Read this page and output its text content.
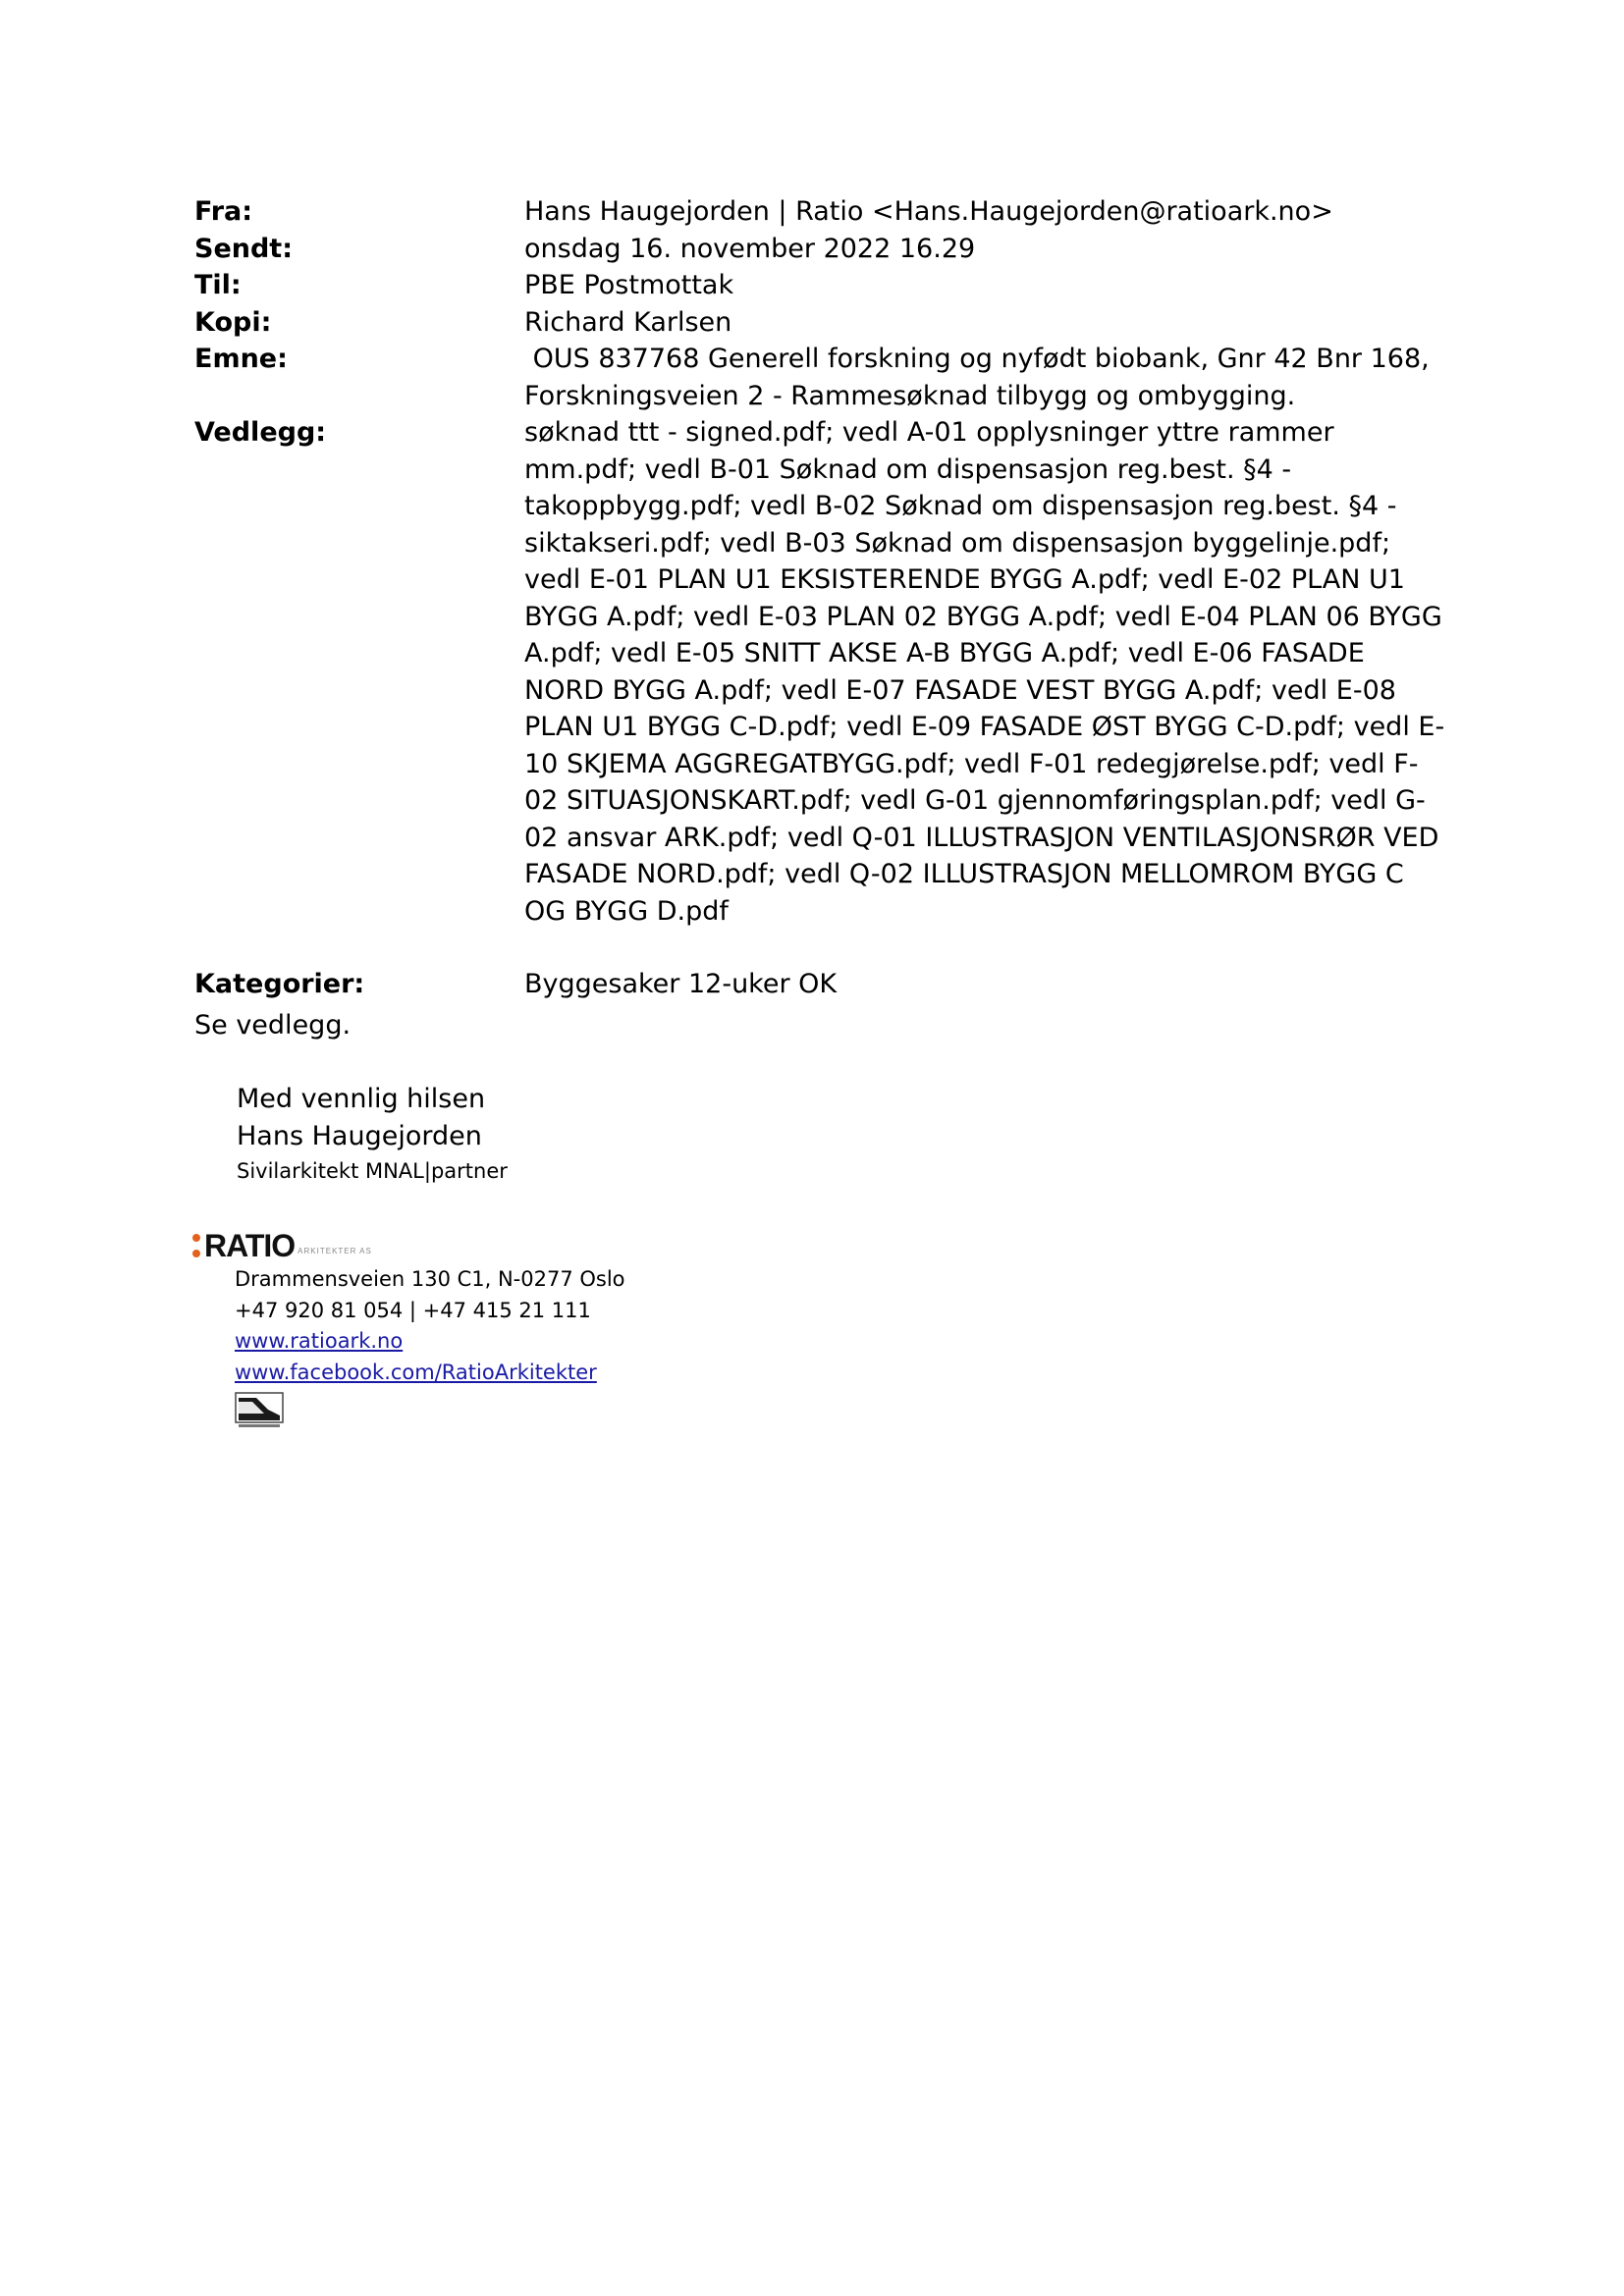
Fra:	Hans Haugejorden | Ratio <Hans.Haugejorden@ratioark.no>
Sendt:	onsdag 16. november 2022 16.29
Til:	PBE Postmottak
Kopi:	Richard Karlsen
Emne:	OUS 837768 Generell forskning og nyfødt biobank, Gnr 42 Bnr 168, Forskningsveien 2 - Rammesøknad tilbygg og ombygging.
Vedlegg:	søknad ttt - signed.pdf; vedl A-01 opplysninger yttre rammer mm.pdf; vedl B-01 Søknad om dispensasjon reg.best. §4 - takoppbygg.pdf; vedl B-02 Søknad om dispensasjon reg.best. §4 - siktakseri.pdf; vedl B-03 Søknad om dispensasjon byggelinje.pdf; vedl E-01 PLAN U1 EKSISTERENDE BYGG A.pdf; vedl E-02 PLAN U1 BYGG A.pdf; vedl E-03 PLAN 02 BYGG A.pdf; vedl E-04 PLAN 06 BYGG A.pdf; vedl E-05 SNITT AKSE A-B BYGG A.pdf; vedl E-06 FASADE NORD BYGG A.pdf; vedl E-07 FASADE VEST BYGG A.pdf; vedl E-08 PLAN U1 BYGG C-D.pdf; vedl E-09 FASADE ØST BYGG C-D.pdf; vedl E-10 SKJEMA AGGREGATBYGG.pdf; vedl F-01 redegjørelse.pdf; vedl F-02 SITUASJONSKART.pdf; vedl G-01 gjennomføringsplan.pdf; vedl G-02 ansvar ARK.pdf; vedl Q-01 ILLUSTRASJON VENTILASJONSRØR VED FASADE NORD.pdf; vedl Q-02 ILLUSTRASJON MELLOMROM BYGG C OG BYGG D.pdf
Kategorier:	Byggesaker 12-uker OK
Se vedlegg.
Med vennlig hilsen
Hans Haugejorden
Sivilarkitekt MNAL|partner
RATIO ARKITEKTER AS
Drammensveien 130 C1, N-0277 Oslo
+47 920 81 054 | +47 415 21 111
www.ratioark.no
www.facebook.com/RatioArkitekter
